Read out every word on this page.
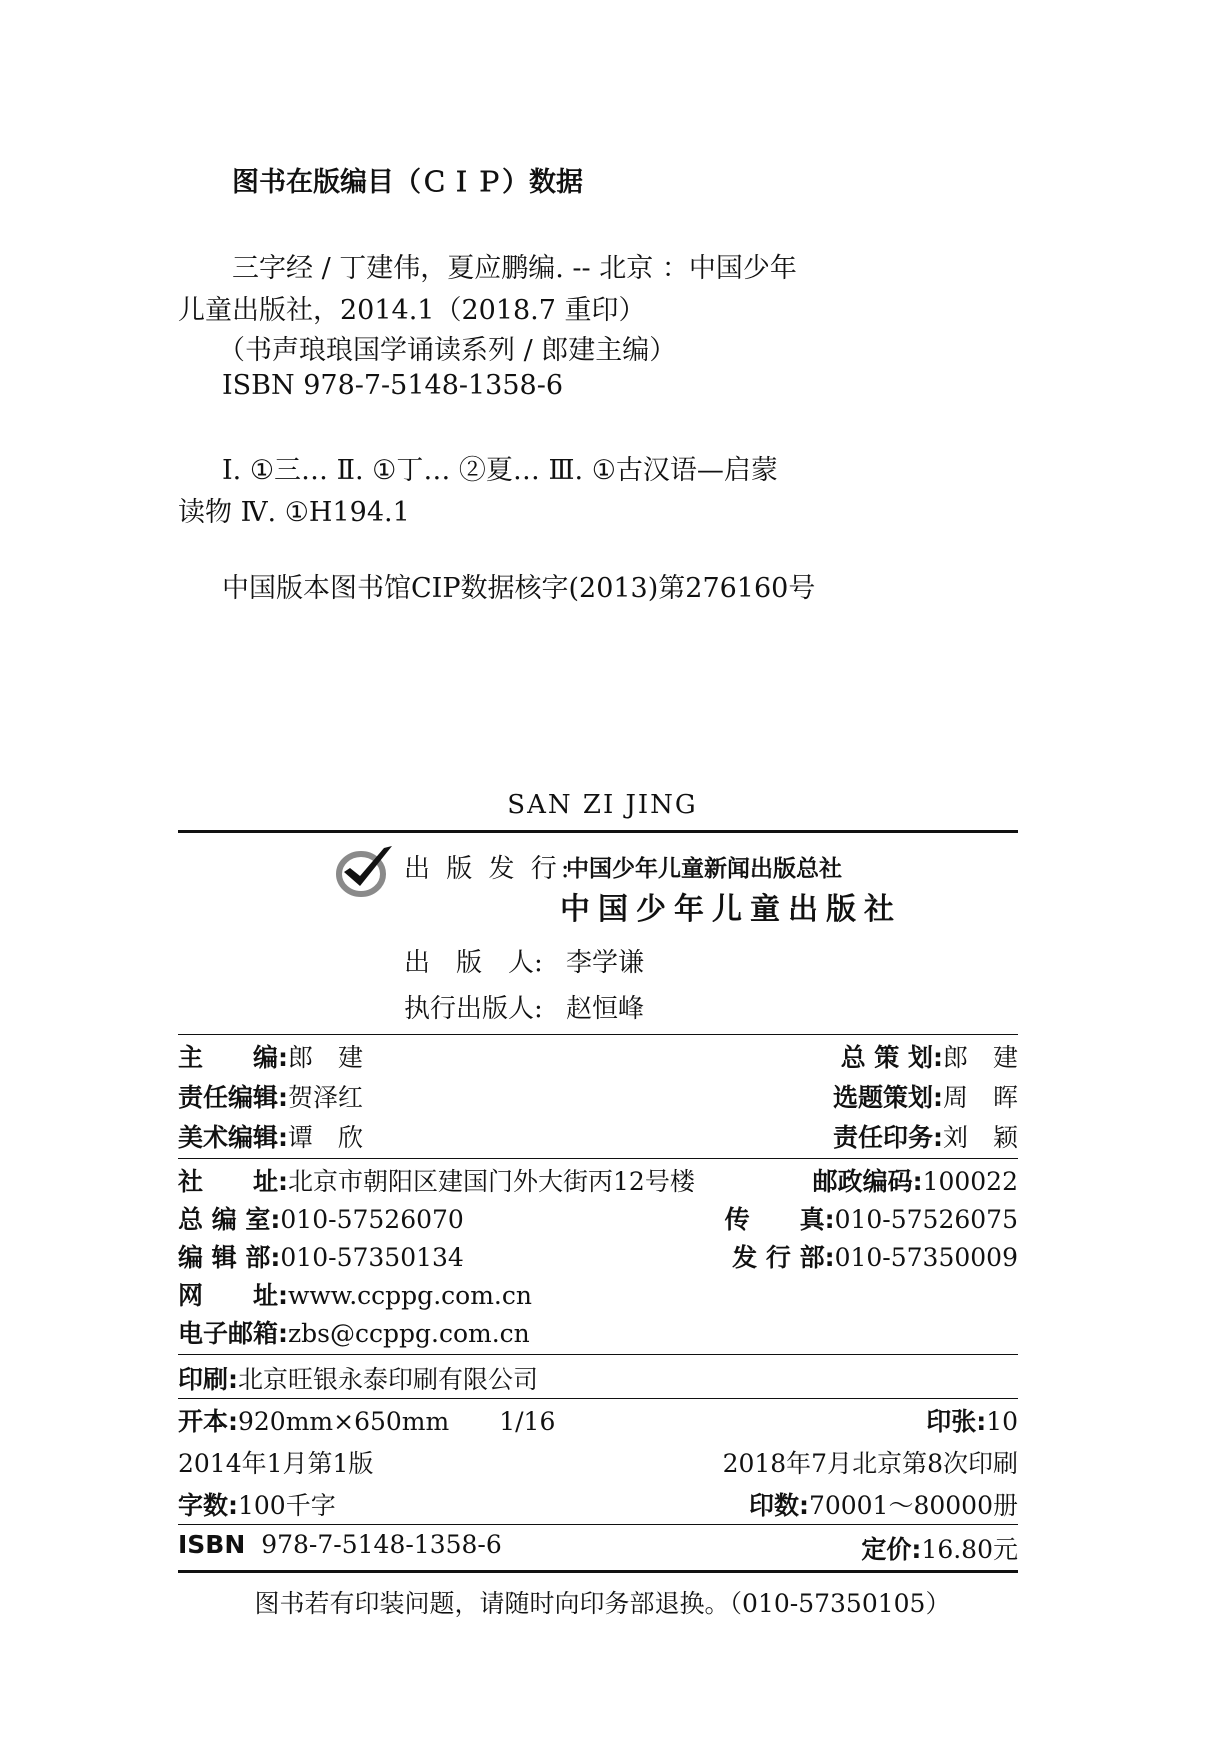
图书在版编目（ＣＩＰ）数据
三字经 / 丁建伟，夏应鹏编. -- 北京 ：中国少年
儿童出版社，2014.1（2018.7 重印）
（书声琅琅国学诵读系列 / 郎建主编）
ISBN 978-7-5148-1358-6
Ⅰ. ①三… Ⅱ. ①丁… ②夏… Ⅲ. ①古汉语—启蒙
读物 Ⅳ. ①H194.1
中国版本图书馆CIP数据核字(2013)第276160号
SAN ZI JING
出 版 发 行:
中国少年儿童新闻出版总社
中国少年儿童出版社
出　版　人: 李学谦
执行出版人: 赵恒峰
主　　编:郎　建	总 策 划:郎　建
责任编辑:贺泽红	选题策划:周　晖
美术编辑:谭　欣	责任印务:刘　颖
社　　址:北京市朝阳区建国门外大街丙12号楼	邮政编码:100022
总 编 室:010-57526070	传　　真:010-57526075
编 辑 部:010-57350134	发 行 部:010-57350009
网　　址:www.ccppg.com.cn
电子邮箱:zbs@ccppg.com.cn
印刷:北京旺银永泰印刷有限公司
开本:920mm×650mm　　1/16	印张:10
2014年1月第1版	2018年7月北京第8次印刷
字数:100千字	印数:70001～80000册
ISBN 978-7-5148-1358-6	定价:16.80元
图书若有印装问题，请随时向印务部退换。（010-57350105）
